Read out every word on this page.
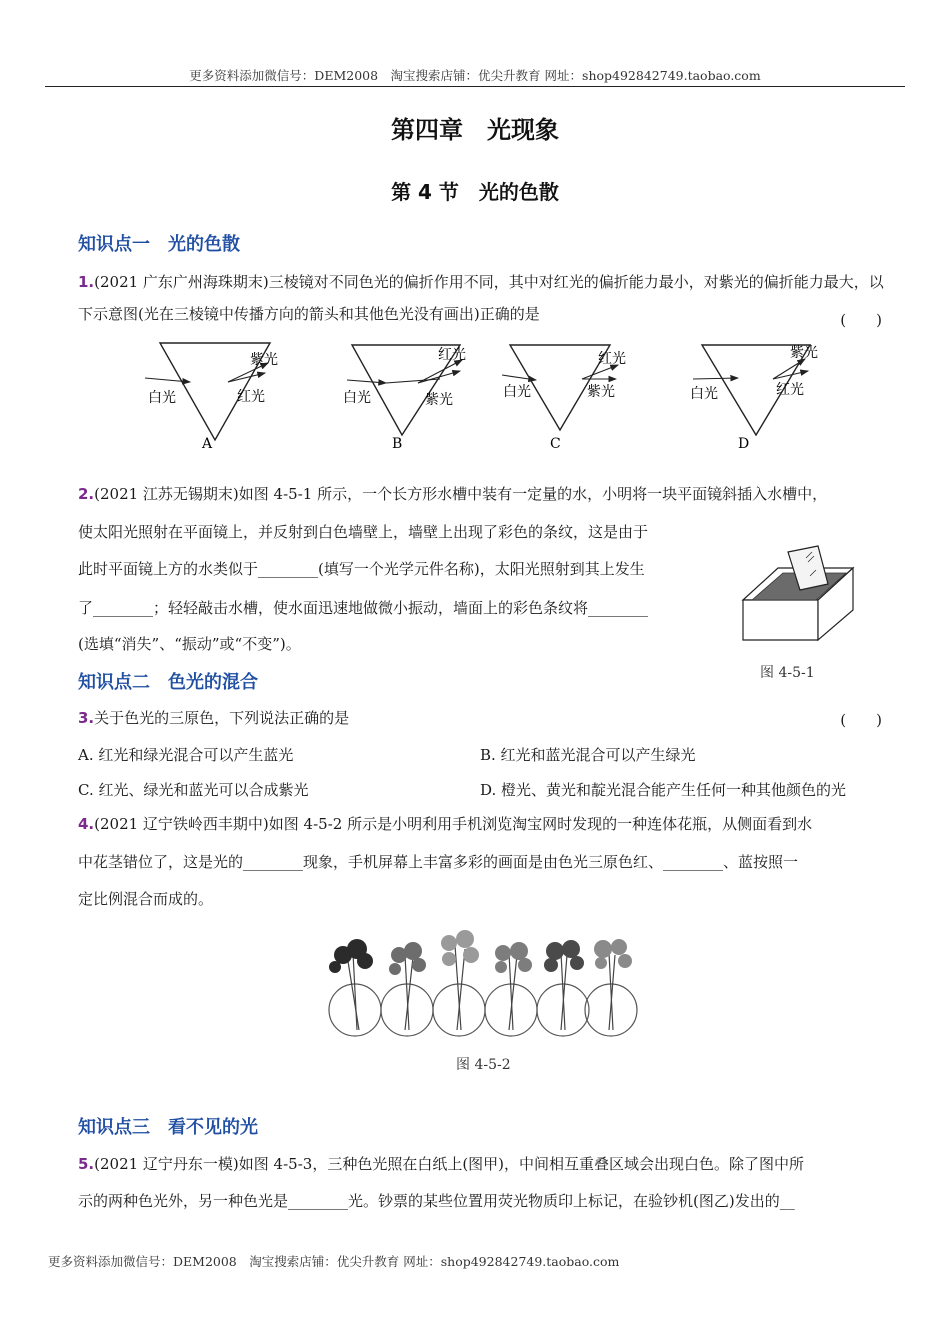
更多资料添加微信号：DEM2008　淘宝搜索店铺：优尖升教育 网址：shop492842749.taobao.com
第四章　光现象
第 4 节　光的色散
知识点一　光的色散
1.(2021 广东广州海珠期末)三棱镜对不同色光的偏折作用不同，其中对红光的偏折能力最小，对紫光的偏折能力最大，以下示意图(光在三棱镜中传播方向的箭头和其他色光没有画出)正确的是	(　　)
白光
紫光
红光
A
白光
红光
紫光
B
白光
红光
紫光
C
白光
紫光
红光
D
2.(2021 江苏无锡期末)如图 4-5-1 所示，一个长方形水槽中装有一定量的水，小明将一块平面镜斜插入水槽中，
使太阳光照射在平面镜上，并反射到白色墙壁上，墙壁上出现了彩色的条纹，这是由于
此时平面镜上方的水类似于________(填写一个光学元件名称)，太阳光照射到其上发生
了________；轻轻敲击水槽，使水面迅速地做微小振动，墙面上的彩色条纹将________
(选填“消失”、“振动”或“不变”)。
图 4-5-1
知识点二　色光的混合
3.关于色光的三原色，下列说法正确的是	(　　)
A. 红光和绿光混合可以产生蓝光	B. 红光和蓝光混合可以产生绿光
C. 红光、绿光和蓝光可以合成紫光	D. 橙光、黄光和靛光混合能产生任何一种其他颜色的光
4.(2021 辽宁铁岭西丰期中)如图 4-5-2 所示是小明利用手机浏览淘宝网时发现的一种连体花瓶，从侧面看到水
中花茎错位了，这是光的________现象，手机屏幕上丰富多彩的画面是由色光三原色红、________、蓝按照一
定比例混合而成的。
图 4-5-2
知识点三　看不见的光
5.(2021 辽宁丹东一模)如图 4-5-3，三种色光照在白纸上(图甲)，中间相互重叠区域会出现白色。除了图中所
示的两种色光外，另一种色光是________光。钞票的某些位置用荧光物质印上标记，在验钞机(图乙)发出的__
更多资料添加微信号：DEM2008　淘宝搜索店铺：优尖升教育 网址：shop492842749.taobao.com
